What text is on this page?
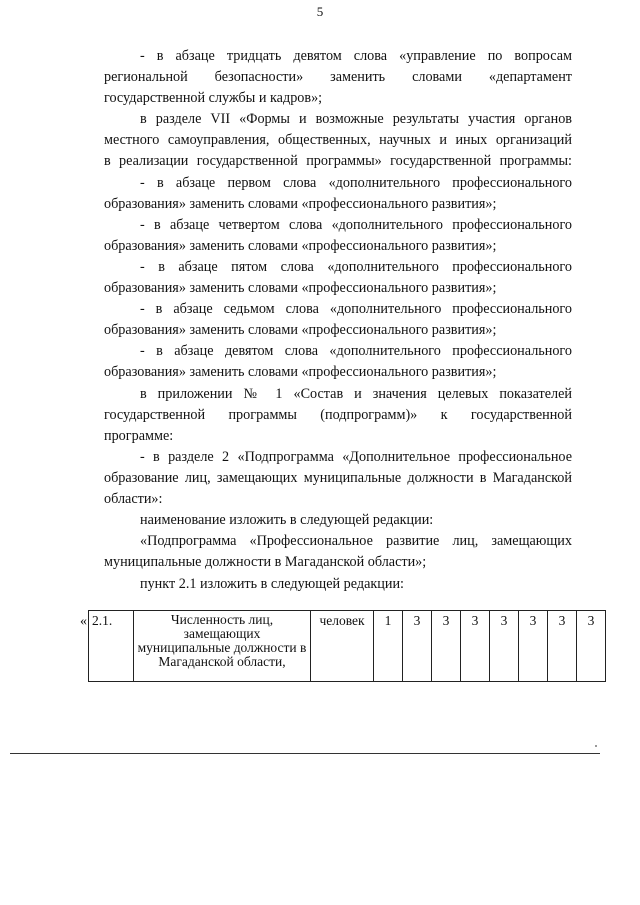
5
- в абзаце тридцать девятом слова «управление по вопросам
региональной безопасности» заменить словами «департамент
государственной службы и кадров»;
в разделе VII «Формы и возможные результаты участия органов
местного самоуправления, общественных, научных и иных организаций
в реализации государственной программы» государственной программы:
- в абзаце первом слова «дополнительного профессионального
образования» заменить словами «профессионального развития»;
- в абзаце четвертом слова «дополнительного профессионального
образования» заменить словами «профессионального развития»;
- в абзаце пятом слова «дополнительного профессионального
образования» заменить словами «профессионального развития»;
- в абзаце седьмом слова «дополнительного профессионального
образования» заменить словами «профессионального развития»;
- в абзаце девятом слова «дополнительного профессионального
образования» заменить словами «профессионального развития»;
в приложении № 1 «Состав и значения целевых показателей
государственной программы (подпрограмм)» к государственной
программе:
- в разделе 2 «Подпрограмма «Дополнительное профессиональное
образование лиц, замещающих муниципальные должности в Магаданской
области»:
наименование изложить в следующей редакции:
«Подпрограмма «Профессиональное развитие лиц, замещающих
муниципальные должности в Магаданской области»;
пункт 2.1 изложить в следующей редакции:
« 2.1.	Численность лиц, замещающих муниципальные должности в Магаданской области,	человек	1	3	3	3	3	3	3	3
